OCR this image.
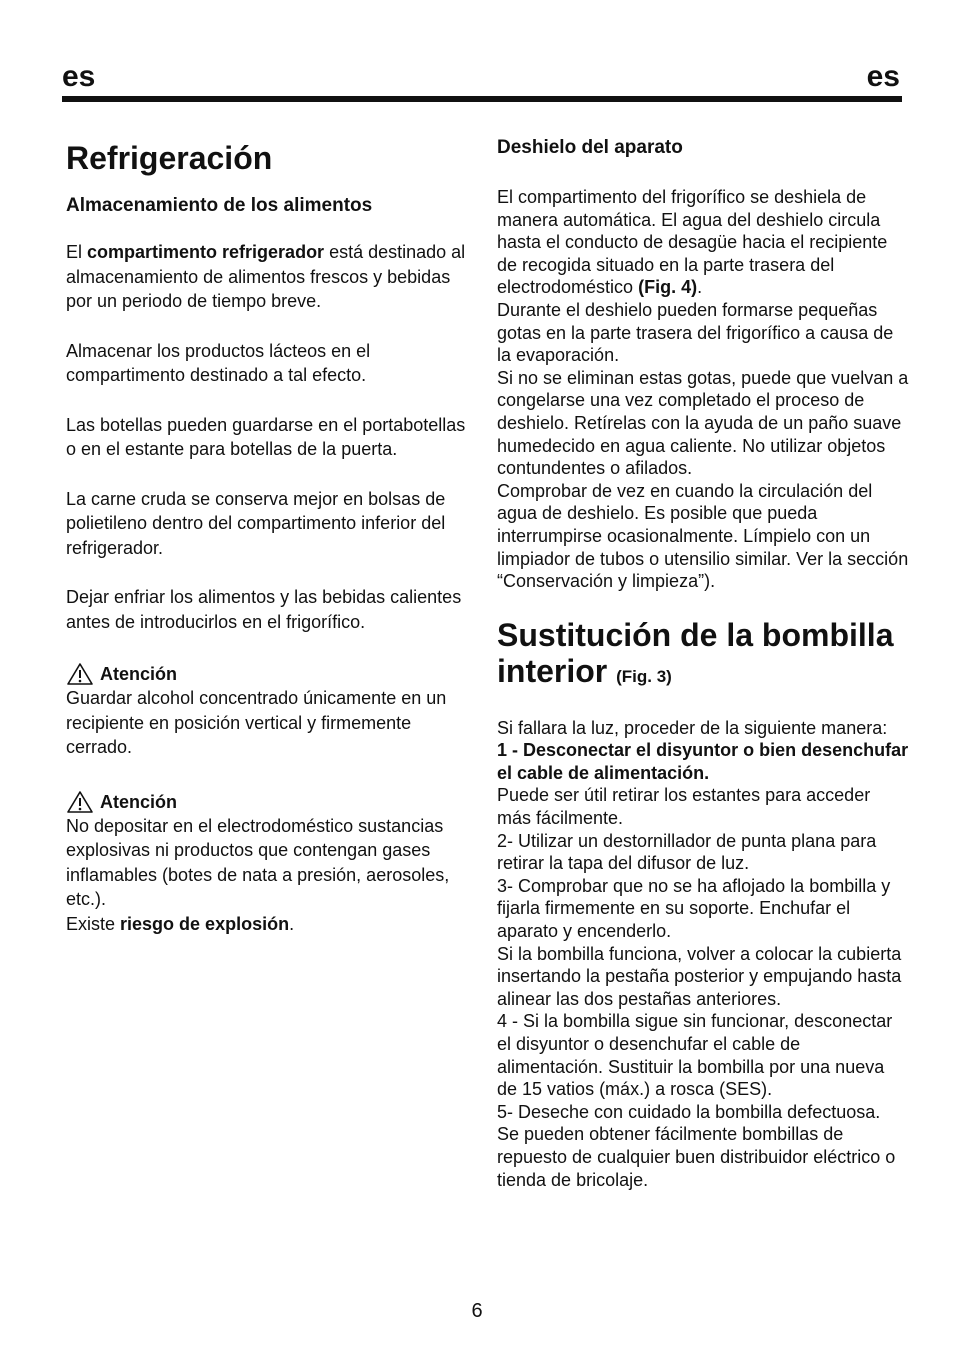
es	es
Refrigeración
Almacenamiento de los alimentos

El compartimento refrigerador está destinado al almacenamiento de alimentos frescos y bebidas por un periodo de tiempo breve.

Almacenar los productos lácteos en el compartimento destinado a tal efecto.

Las botellas pueden guardarse en el portabotellas o en el estante para botellas de la puerta.

La carne cruda se conserva mejor en bolsas de polietileno dentro del compartimento inferior del refrigerador.

Dejar enfriar los alimentos y las bebidas calientes antes de introducirlos en el frigorífico.

Atención

Guardar alcohol concentrado únicamente en un recipiente en posición vertical y firmemente cerrado.

Atención

No depositar en el electrodoméstico sustancias explosivas ni productos que contengan gases inflamables (botes de nata a presión, aerosoles, etc.).

Existe riesgo de explosión.

Deshielo del aparato

El compartimento del frigorífico se deshiela de manera automática. El agua del deshielo circula hasta el conducto de desagüe hacia el recipiente de recogida situado en la parte trasera del electrodoméstico (Fig. 4).

Durante el deshielo pueden formarse pequeñas gotas en la parte trasera del frigorífico a causa de la evaporación.

Si no se eliminan estas gotas, puede que vuelvan a congelarse una vez completado el proceso de deshielo. Retírelas con la ayuda de un paño suave humedecido en agua caliente. No utilizar objetos contundentes o afilados.

Comprobar de vez en cuando la circulación del agua de deshielo. Es posible que pueda interrumpirse ocasionalmente. Límpielo con un limpiador de tubos o utensilio similar. Ver la sección “Conservación y limpieza”).

Sustitución de la bombilla interior (Fig. 3)

Si fallara la luz, proceder de la siguiente manera:

1 - Desconectar el disyuntor o bien desenchufar el cable de alimentación.

Puede ser útil retirar los estantes para acceder más fácilmente.

2- Utilizar un destornillador de punta plana para retirar la tapa del difusor de luz.

3- Comprobar que no se ha aflojado la bombilla y fijarla firmemente en su soporte. Enchufar el aparato y encenderlo.

Si la bombilla funciona, volver a colocar la cubierta insertando la pestaña posterior y empujando hasta alinear las dos pestañas anteriores.

4 - Si la bombilla sigue sin funcionar, desconectar el disyuntor o desenchufar el cable de alimentación. Sustituir la bombilla por una nueva de 15 vatios (máx.) a rosca (SES).

5- Deseche con cuidado la bombilla defectuosa.

Se pueden obtener fácilmente bombillas de repuesto de cualquier buen distribuidor eléctrico o tienda de bricolaje.

6
